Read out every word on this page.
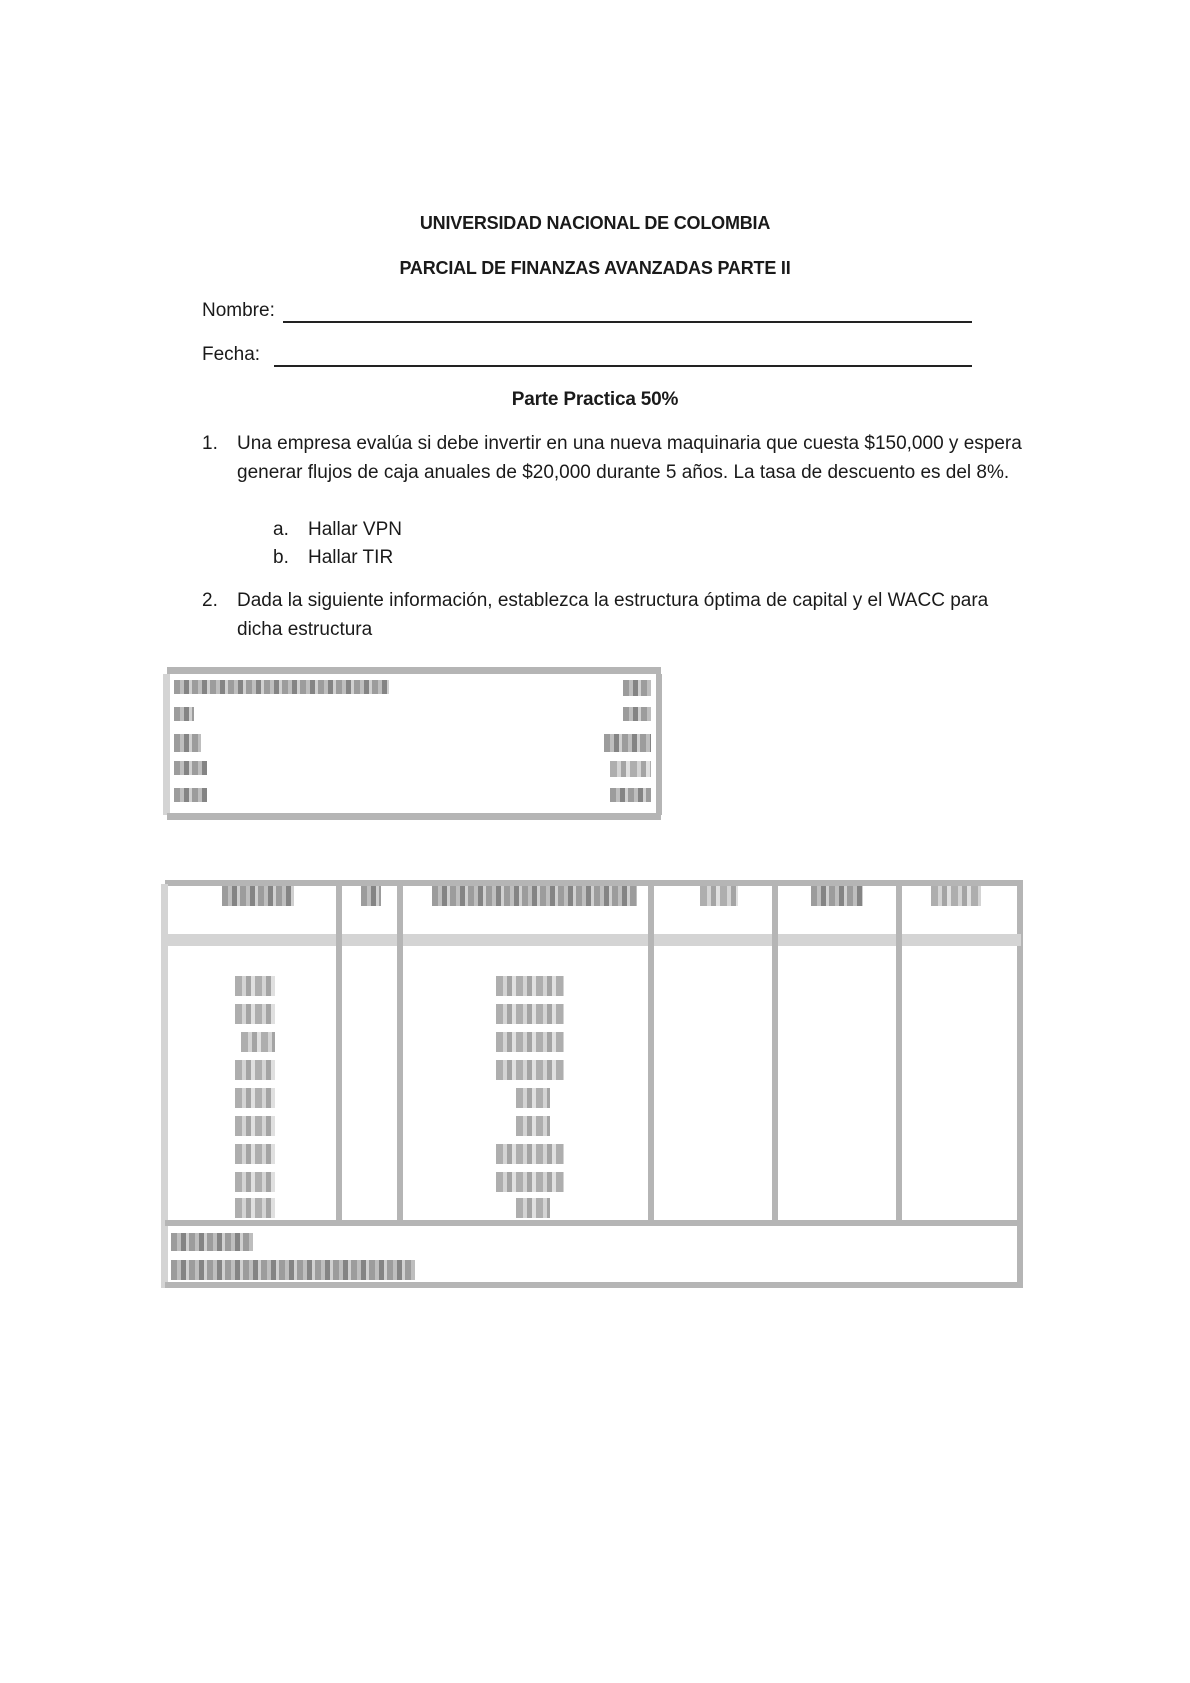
UNIVERSIDAD NACIONAL DE COLOMBIA
PARCIAL DE FINANZAS AVANZADAS PARTE II
Nombre:
Fecha:
Parte Practica 50%
1. Una empresa evalúa si debe invertir en una nueva maquinaria que cuesta $150,000 y espera generar flujos de caja anuales de $20,000 durante 5 años. La tasa de descuento es del 8%.
a. Hallar VPN
b. Hallar TIR
2. Dada la siguiente información, establezca la estructura óptima de capital y el WACC para dicha estructura
